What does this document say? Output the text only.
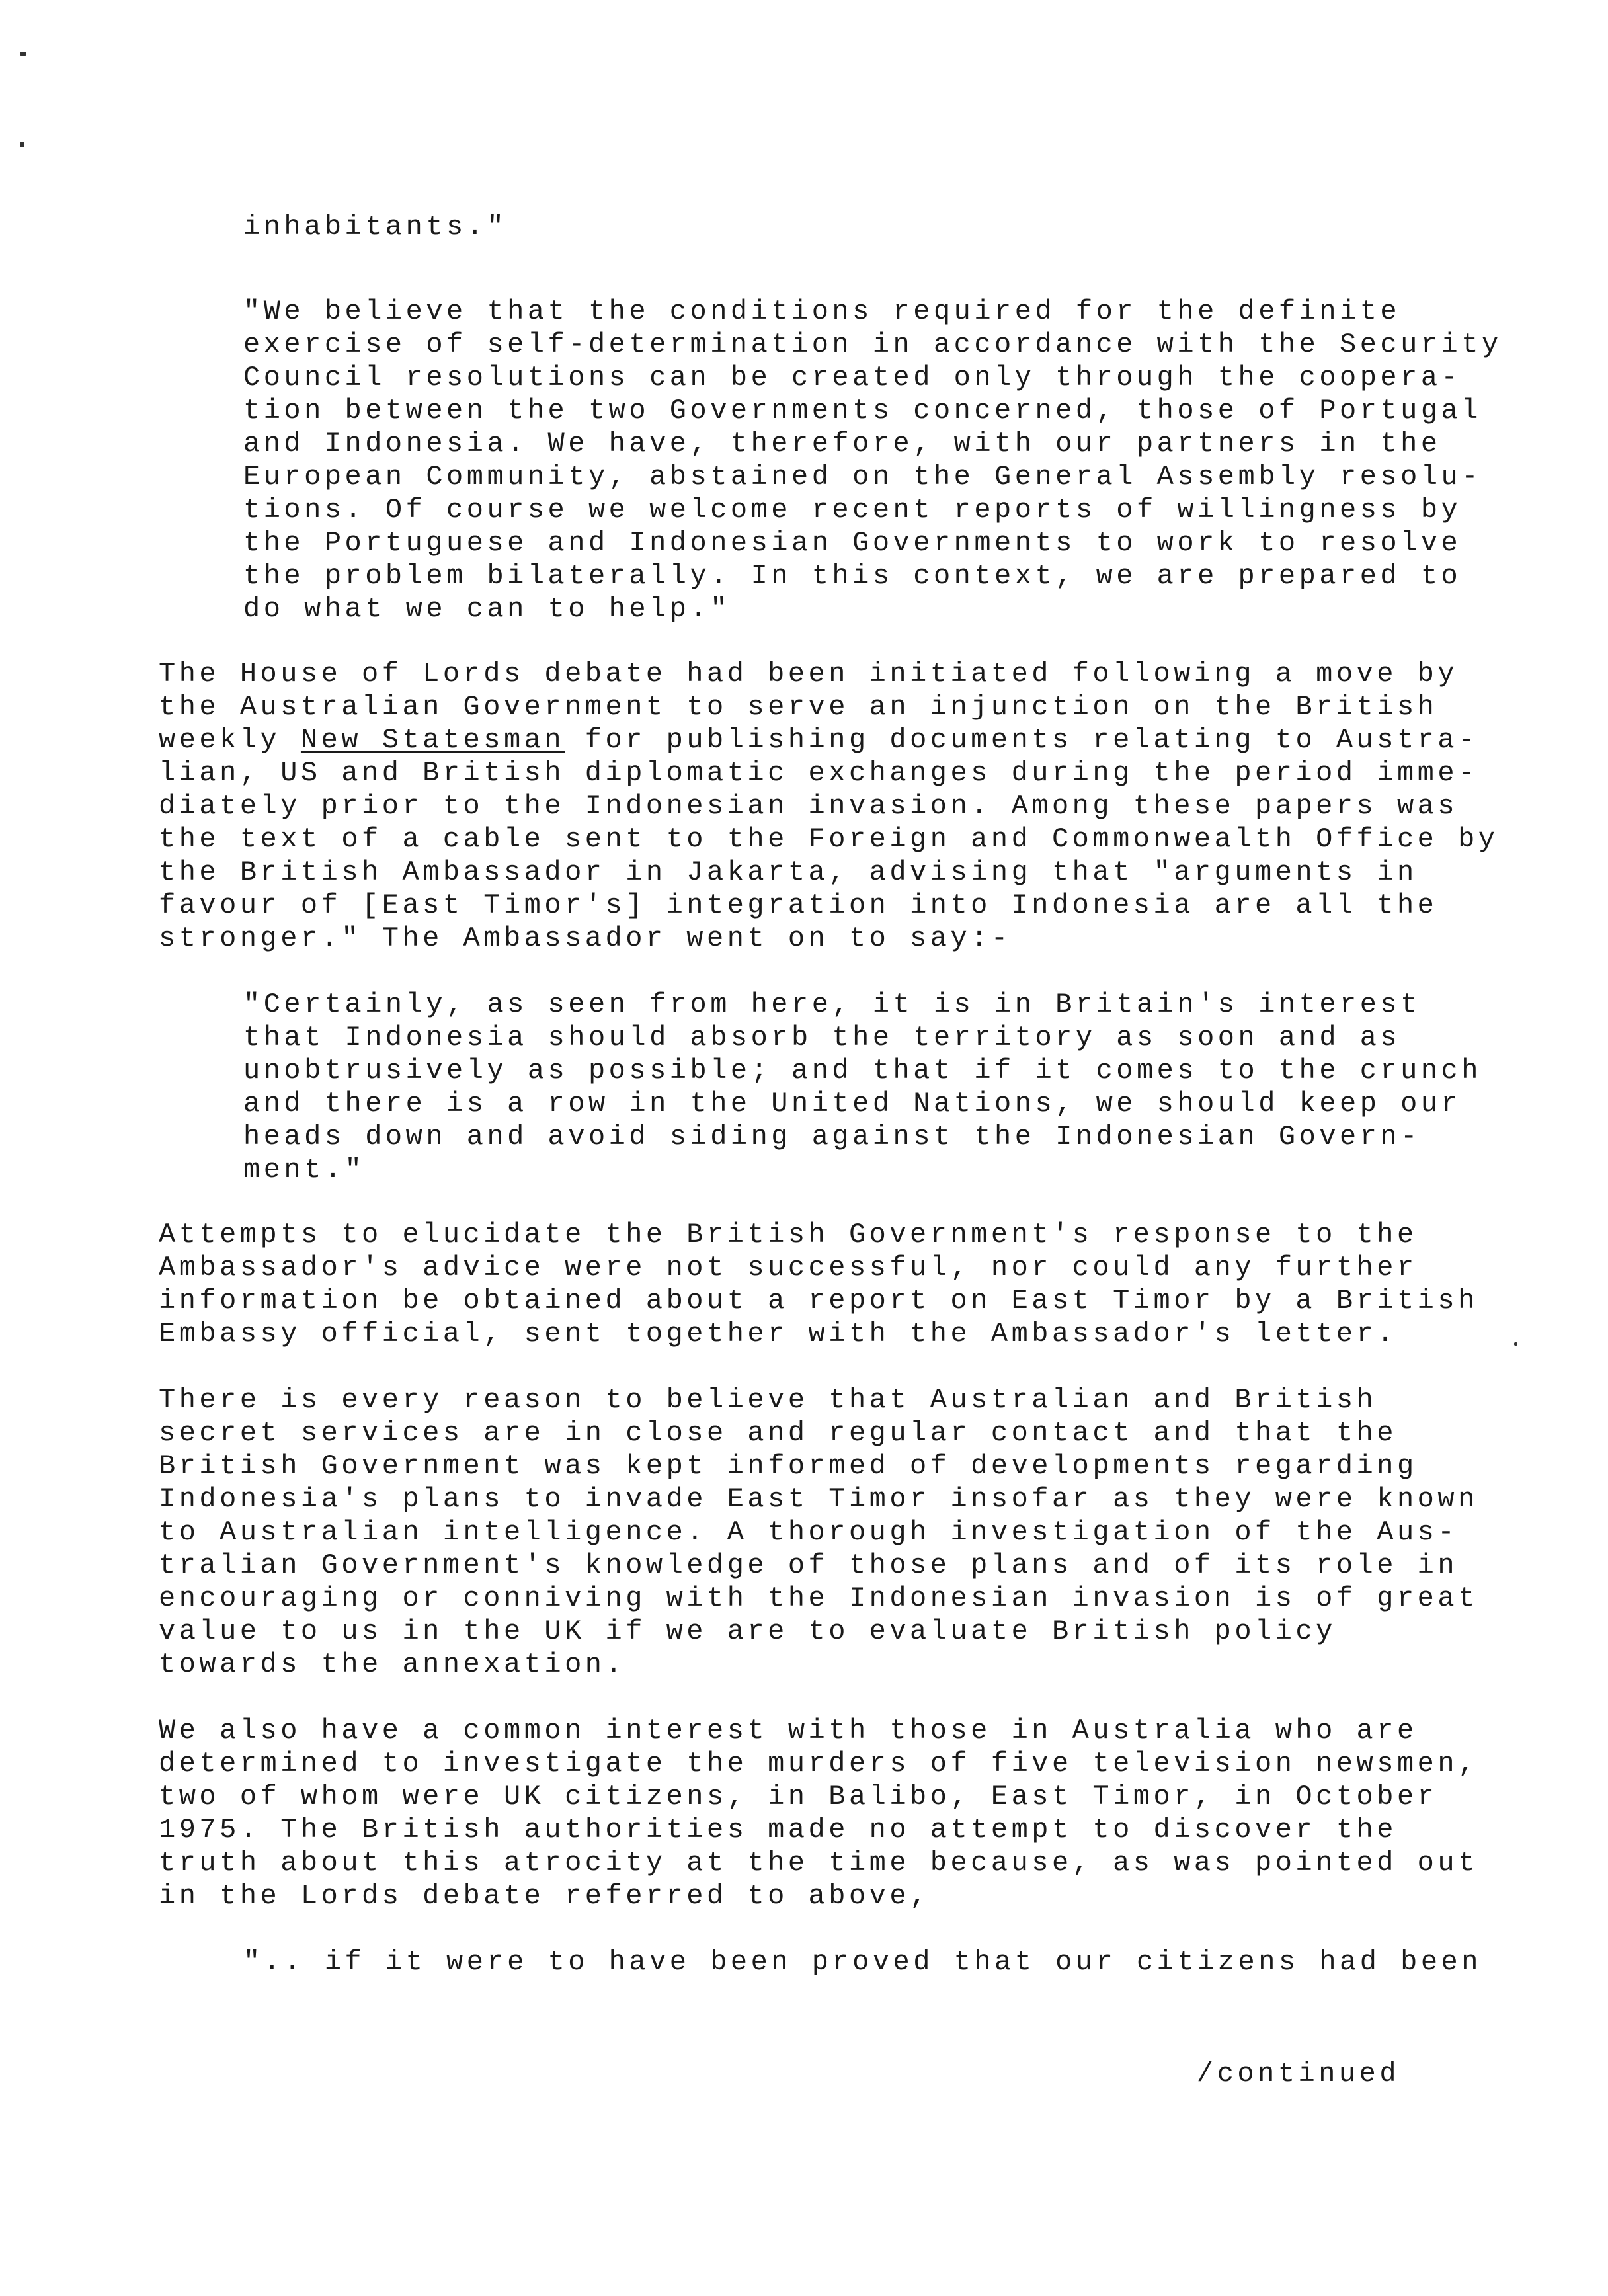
inhabitants."
"We believe that the conditions required for the definite
exercise of self-determination in accordance with the Security
Council resolutions can be created only through the coopera-
tion between the two Governments concerned, those of Portugal
and Indonesia. We have, therefore, with our partners in the
European Community, abstained on the General Assembly resolu-
tions. Of course we welcome recent reports of willingness by
the Portuguese and Indonesian Governments to work to resolve
the problem bilaterally. In this context, we are prepared to
do what we can to help."
The House of Lords debate had been initiated following a move by
the Australian Government to serve an injunction on the British
weekly New Statesman for publishing documents relating to Austra-
lian, US and British diplomatic exchanges during the period imme-
diately prior to the Indonesian invasion. Among these papers was
the text of a cable sent to the Foreign and Commonwealth Office by
the British Ambassador in Jakarta, advising that "arguments in
favour of [East Timor's] integration into Indonesia are all the
stronger." The Ambassador went on to say:-
"Certainly, as seen from here, it is in Britain's interest
that Indonesia should absorb the territory as soon and as
unobtrusively as possible; and that if it comes to the crunch
and there is a row in the United Nations, we should keep our
heads down and avoid siding against the Indonesian Govern-
ment."
Attempts to elucidate the British Government's response to the
Ambassador's advice were not successful, nor could any further
information be obtained about a report on East Timor by a British
Embassy official, sent together with the Ambassador's letter.
There is every reason to believe that Australian and British
secret services are in close and regular contact and that the
British Government was kept informed of developments regarding
Indonesia's plans to invade East Timor insofar as they were known
to Australian intelligence. A thorough investigation of the Aus-
tralian Government's knowledge of those plans and of its role in
encouraging or conniving with the Indonesian invasion is of great
value to us in the UK if we are to evaluate British policy
towards the annexation.
We also have a common interest with those in Australia who are
determined to investigate the murders of five television newsmen,
two of whom were UK citizens, in Balibo, East Timor, in October
1975. The British authorities made no attempt to discover the
truth about this atrocity at the time because, as was pointed out
in the Lords debate referred to above,
".. if it were to have been proved that our citizens had been
/continued
